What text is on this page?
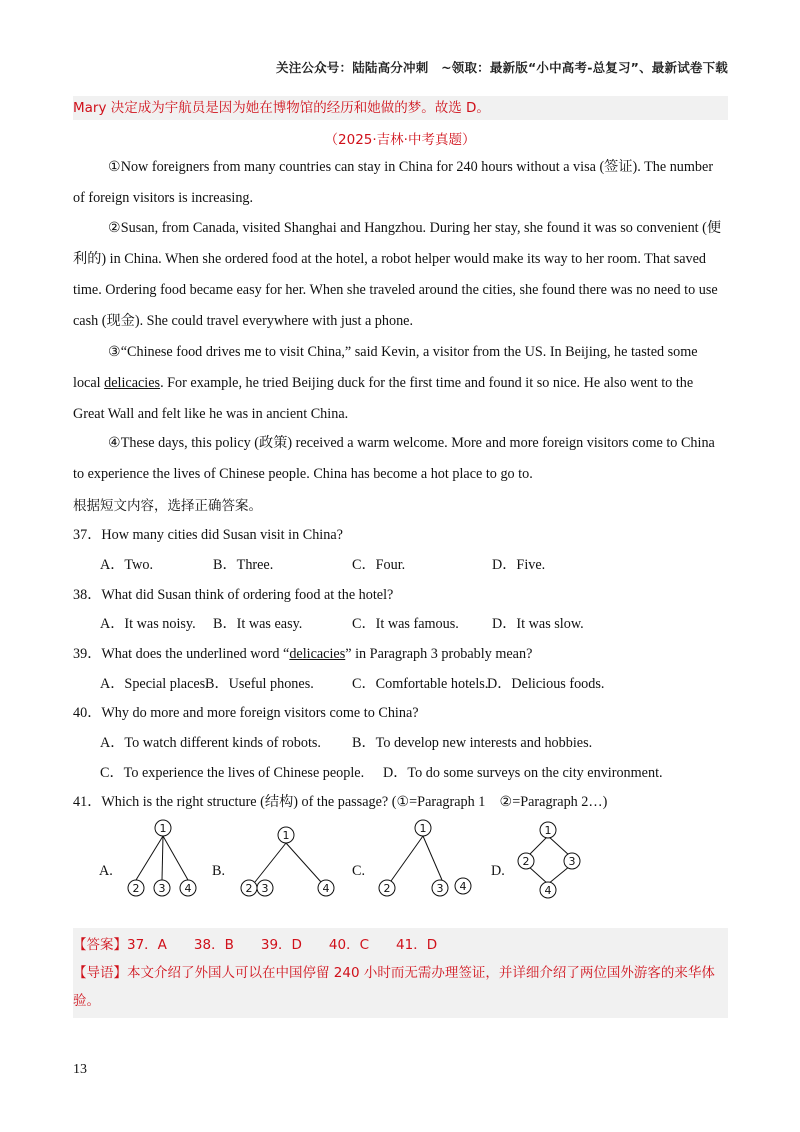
关注公众号：陆陆高分冲刺　~领取：最新版“小中高考-总复习”、最新试卷下载
Mary 决定成为宇航员是因为她在博物馆的经历和她做的梦。故选 D。
（2025·吉林·中考真题）
①Now foreigners from many countries can stay in China for 240 hours without a visa (签证). The number of foreign visitors is increasing.
②Susan, from Canada, visited Shanghai and Hangzhou. During her stay, she found it was so convenient (便利的) in China. When she ordered food at the hotel, a robot helper would make its way to her room. That saved time. Ordering food became easy for her. When she traveled around the cities, she found there was no need to use cash (现金). She could travel everywhere with just a phone.
③“Chinese food drives me to visit China,” said Kevin, a visitor from the US. In Beijing, he tasted some local delicacies. For example, he tried Beijing duck for the first time and found it so nice. He also went to the Great Wall and felt like he was in ancient China.
④These days, this policy (政策) received a warm welcome. More and more foreign visitors come to China to experience the lives of Chinese people. China has become a hot place to go to.
根据短文内容，选择正确答案。
37．How many cities did Susan visit in China?
A．Two.	B．Three.	C．Four.	D．Five.
38．What did Susan think of ordering food at the hotel?
A．It was noisy. B．It was easy.	C．It was famous. D．It was slow.
39．What does the underlined word “delicacies” in Paragraph 3 probably mean?
A．Special places.
B．Useful phones.	C．Comfortable hotels.
D．Delicious foods.
40．Why do more and more foreign visitors come to China?
A．To watch different kinds of robots. B．To develop new interests and hobbies.
C．To experience the lives of Chinese people. D．To do some surveys on the city environment.
41．Which is the right structure (结构) of the passage? (①=Paragraph 1　②=Paragraph 2…)
A.	B.	C.	D.
1
2 3 4
1
2 3	4
1
2	3 4
1
2	3
4
【答案】37．A　　38．B　　39．D　　40．C　　41．D
【导语】本文介绍了外国人可以在中国停留 240 小时而无需办理签证，并详细介绍了两位国外游客的来华体验。
13
